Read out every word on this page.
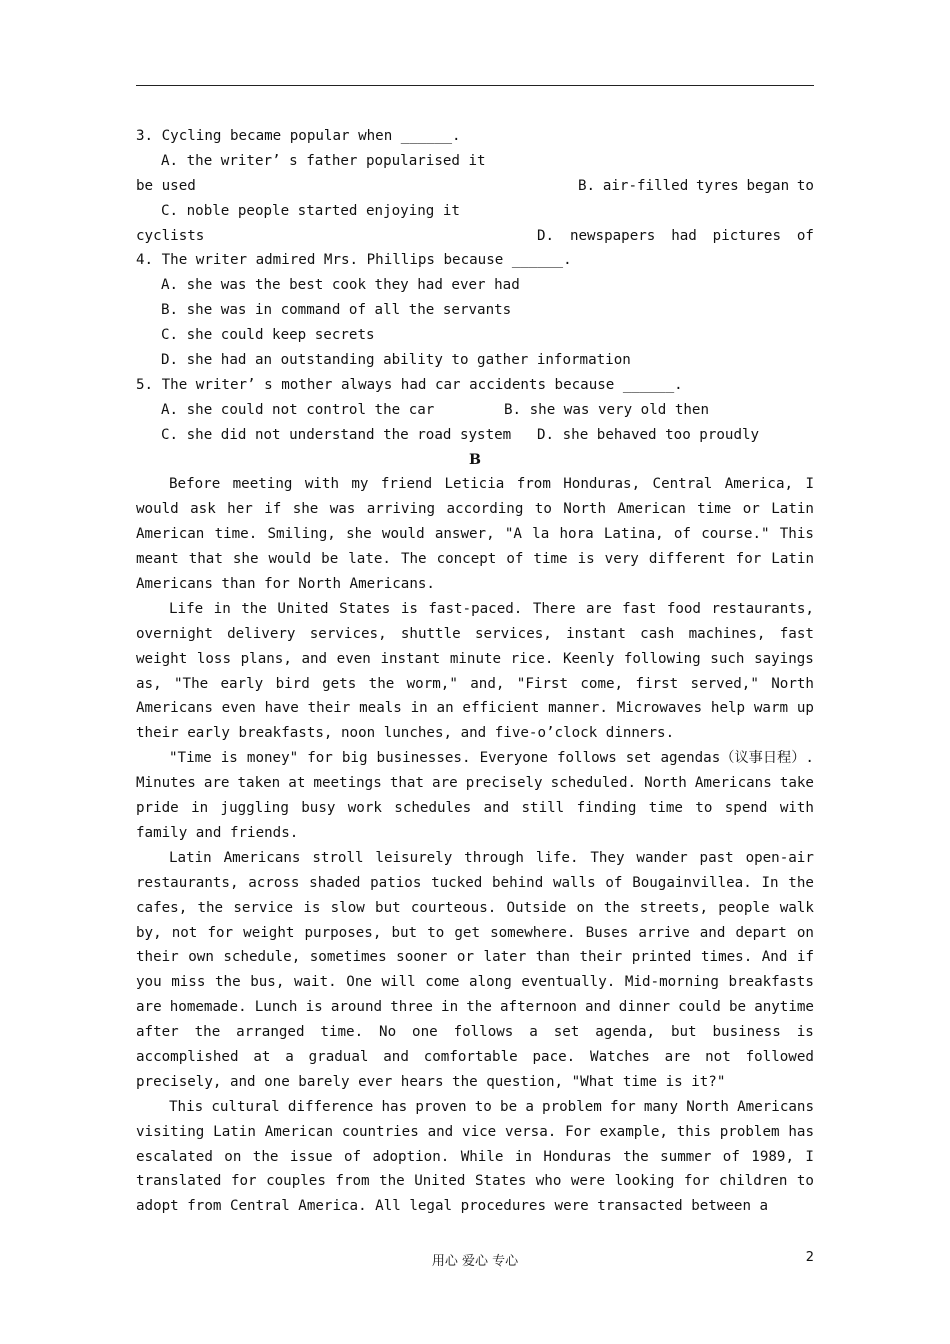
3. Cycling became popular when ______.
A. the writer’ s father popularised it
B. air-filled tyres began to
be used
C. noble people started enjoying it
D. newspapers had pictures of
cyclists
4. The writer admired Mrs. Phillips because ______.
A. she was the best cook they had ever had
B. she was in command of all the servants
C. she could keep secrets
D. she had an outstanding ability to gather information
5. The writer’ s mother always had car accidents because ______.
A. she could not control the car	B. she was very old then
C. she did not understand the road system D. she behaved too proudly
B
Before meeting with my friend Leticia from Honduras, Central America, I
would ask her if she was arriving according to North American time or Latin
American time. Smiling, she would answer, "A la hora Latina, of course." This
meant that she would be late. The concept of time is very different for Latin
Americans than for North Americans.
Life in the United States is fast-paced. There are fast food restaurants,
overnight delivery services, shuttle services, instant cash machines, fast
weight loss plans, and even instant minute rice. Keenly following such sayings
as, "The early bird gets the worm," and, "First come, first served," North
Americans even have their meals in an efficient manner. Microwaves help warm up
their early breakfasts, noon lunches, and five-o’clock dinners.
"Time is money" for big businesses. Everyone follows set agendas（议事日程）.
Minutes are taken at meetings that are precisely scheduled. North Americans take
pride in juggling busy work schedules and still finding time to spend with
family and friends.
Latin Americans stroll leisurely through life. They wander past open-air
restaurants, across shaded patios tucked behind walls of Bougainvillea. In the
cafes, the service is slow but courteous. Outside on the streets, people walk
by, not for weight purposes, but to get somewhere. Buses arrive and depart on
their own schedule, sometimes sooner or later than their printed times. And if
you miss the bus, wait. One will come along eventually. Mid-morning breakfasts
are homemade. Lunch is around three in the afternoon and dinner could be anytime
after the arranged time. No one follows a set agenda, but business is
accomplished at a gradual and comfortable pace. Watches are not followed
precisely, and one barely ever hears the question, "What time is it?"
This cultural difference has proven to be a problem for many North Americans
visiting Latin American countries and vice versa. For example, this problem has
escalated on the issue of adoption. While in Honduras the summer of 1989, I
translated for couples from the United States who were looking for children to
adopt from Central America. All legal procedures were transacted between a
用心 爱心 专心	2
